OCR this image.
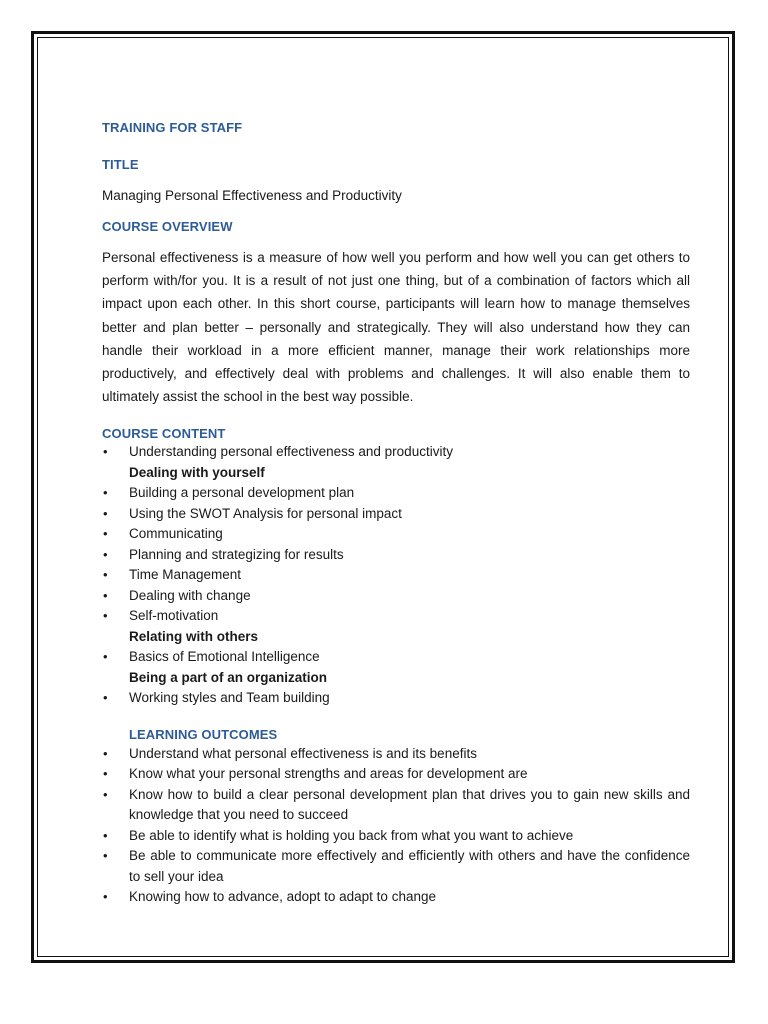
TRAINING FOR STAFF

TITLE

Managing Personal Effectiveness and Productivity

COURSE OVERVIEW

Personal effectiveness is a measure of how well you perform and how well you can get others to perform with/for you. It is a result of not just one thing, but of a combination of factors which all impact upon each other. In this short course, participants will learn how to manage themselves better and plan better – personally and strategically. They will also understand how they can handle their workload in a more efficient manner, manage their work relationships more productively, and effectively deal with problems and challenges. It will also enable them to ultimately assist the school in the best way possible.

COURSE CONTENT

• Understanding personal effectiveness and productivity
Dealing with yourself
• Building a personal development plan
• Using the SWOT Analysis for personal impact
• Communicating
• Planning and strategizing for results
• Time Management
• Dealing with change
• Self-motivation
Relating with others
• Basics of Emotional Intelligence
Being a part of an organization
• Working styles and Team building

LEARNING OUTCOMES

• Understand what personal effectiveness is and its benefits
• Know what your personal strengths and areas for development are
• Know how to build a clear personal development plan that drives you to gain new skills and knowledge that you need to succeed
• Be able to identify what is holding you back from what you want to achieve
• Be able to communicate more effectively and efficiently with others and have the confidence to sell your idea
• Knowing how to advance, adopt to adapt to change
